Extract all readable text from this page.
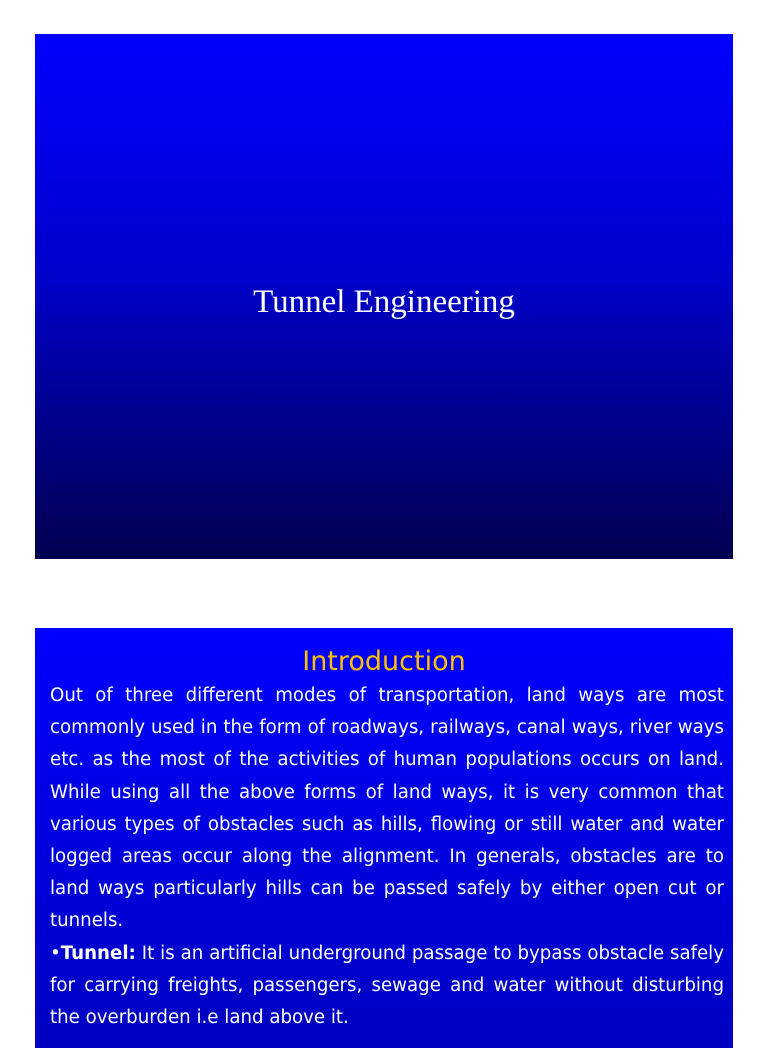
Tunnel Engineering
Introduction

Out of three different modes of transportation, land ways are most commonly used in the form of roadways, railways, canal ways, river ways etc. as the most of the activities of human populations occurs on land. While using all the above forms of land ways, it is very common that various types of obstacles such as hills, flowing or still water and water logged areas occur along the alignment. In generals, obstacles are to land ways particularly hills can be passed safely by either open cut or tunnels.

•Tunnel: It is an artificial underground passage to bypass obstacle safely for carrying freights, passengers, sewage and water without disturbing the overburden i.e land above it.
